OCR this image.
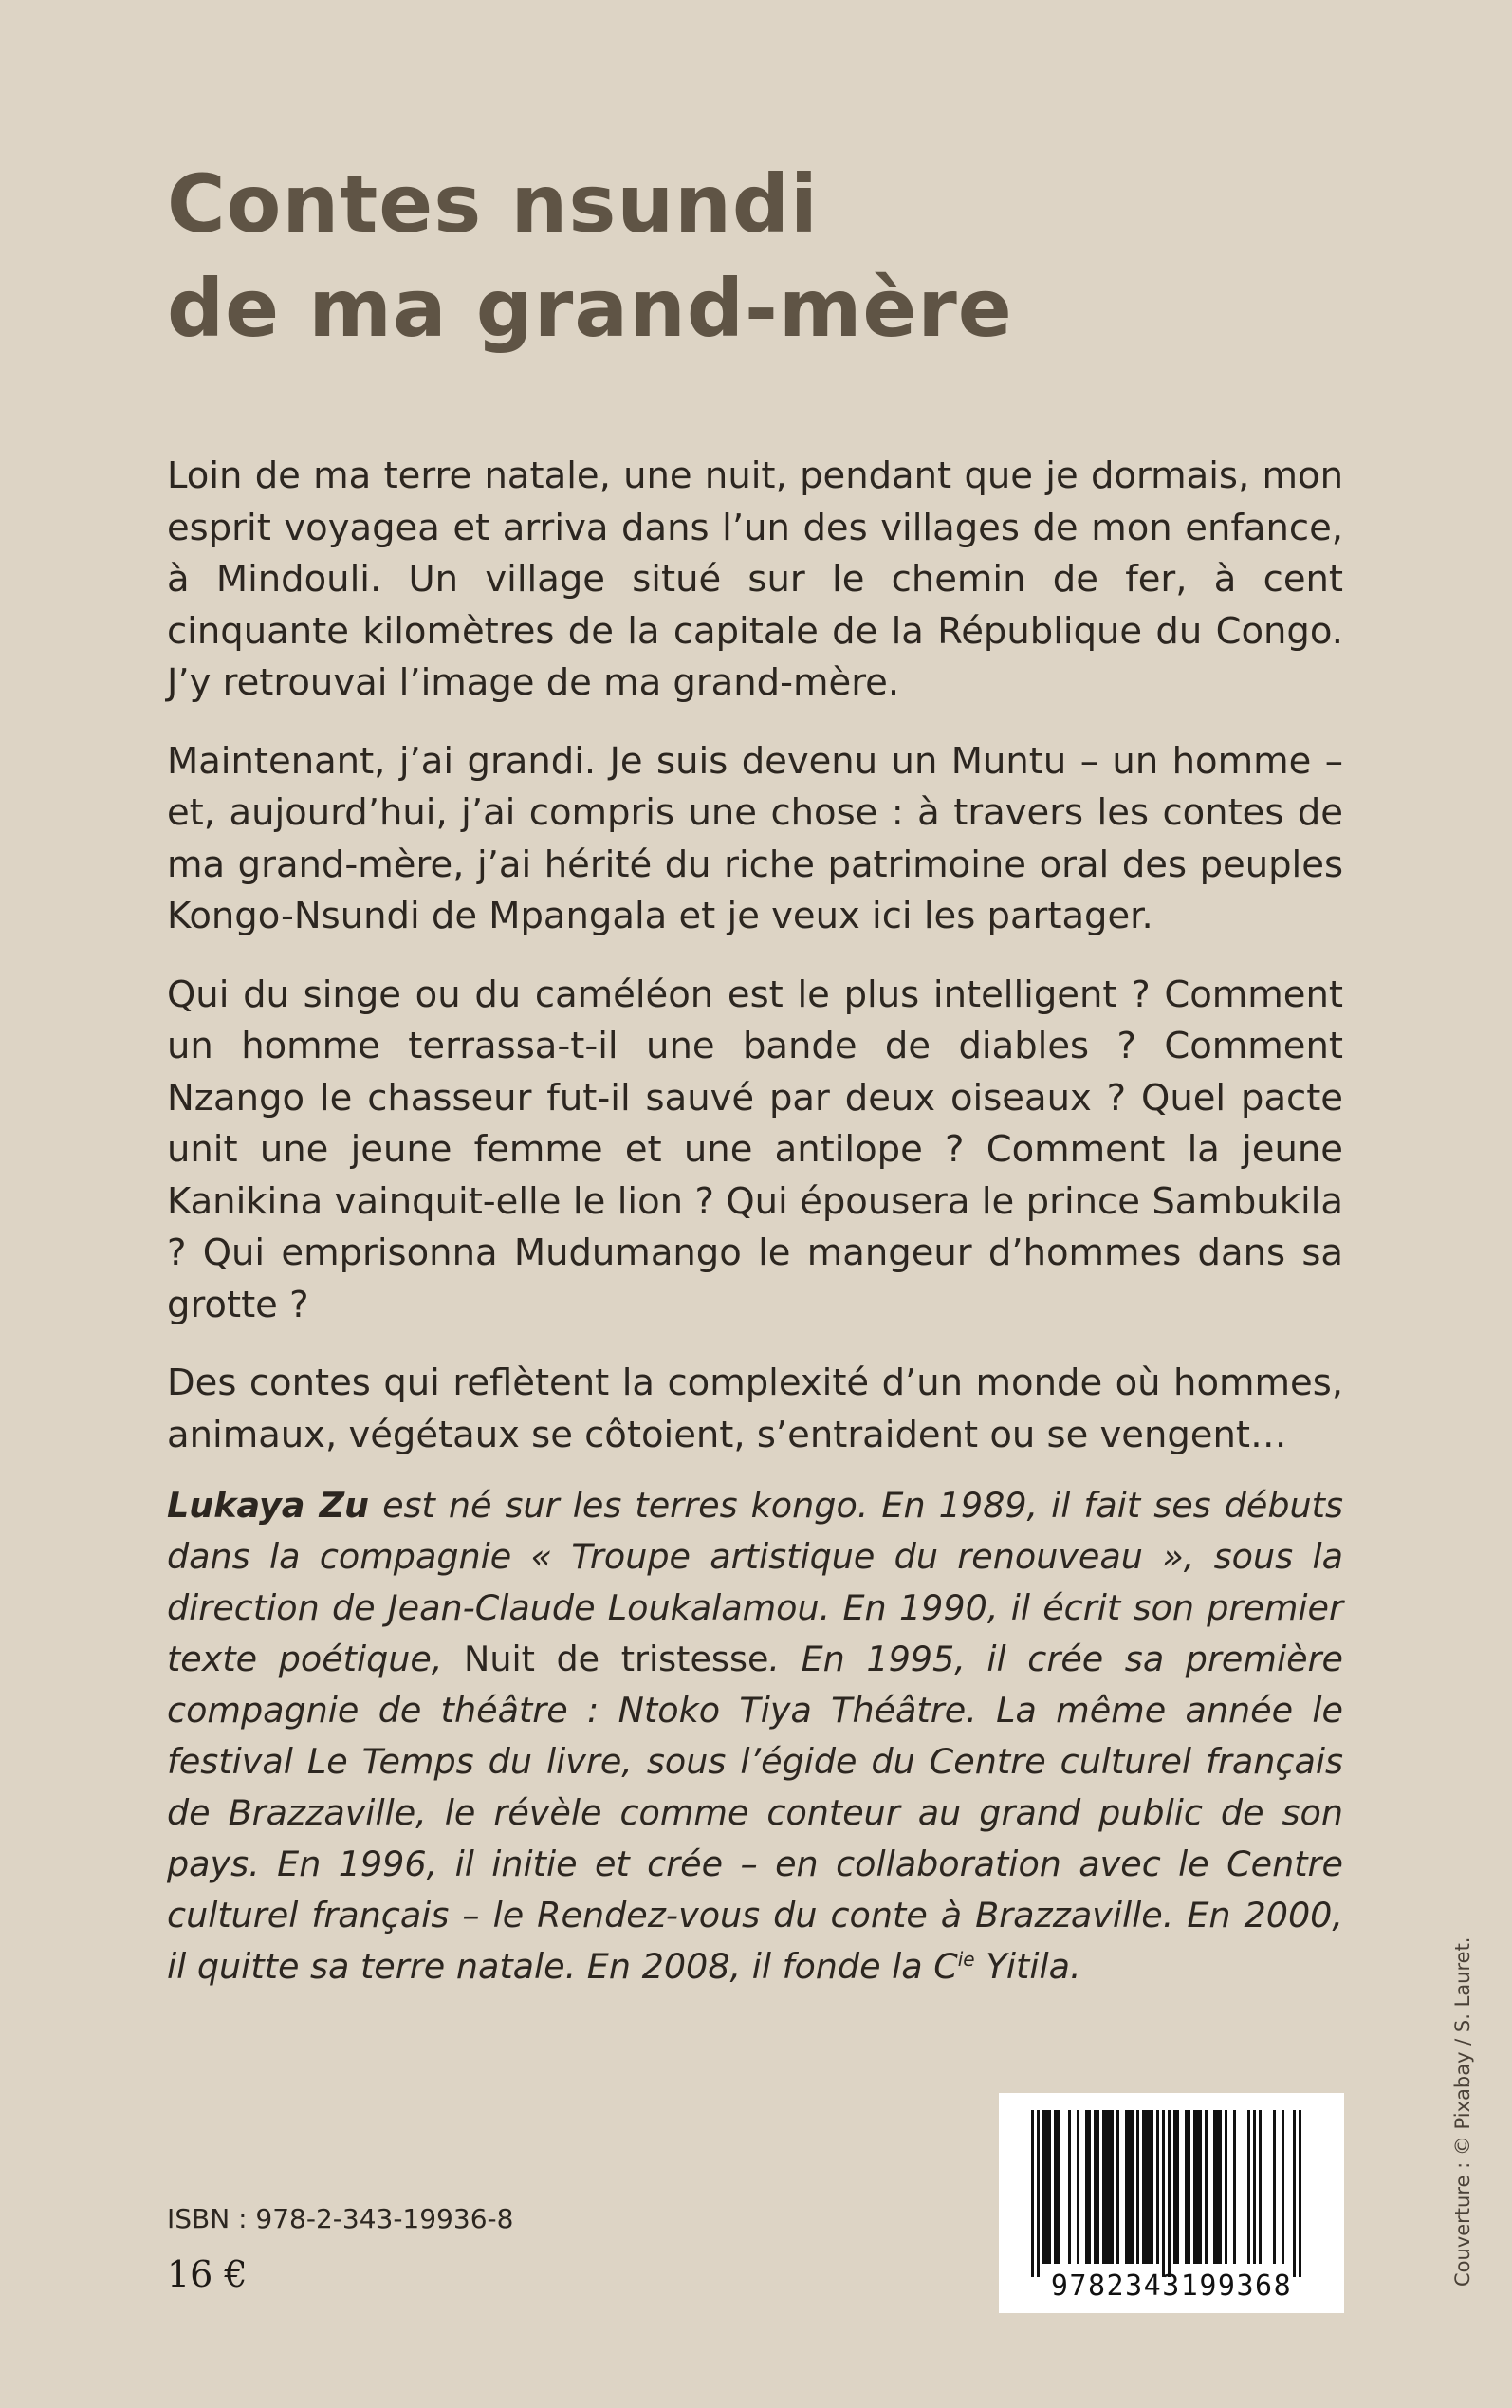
Contes nsundi
de ma grand-mère

Loin de ma terre natale, une nuit, pendant que je dormais, mon esprit voyagea et arriva dans l’un des villages de mon enfance, à Mindouli. Un village situé sur le chemin de fer, à cent cinquante kilomètres de la capitale de la République du Congo. J’y retrouvai l’image de ma grand-mère.

Maintenant, j’ai grandi. Je suis devenu un Muntu – un homme – et, aujourd’hui, j’ai compris une chose : à travers les contes de ma grand-mère, j’ai hérité du riche patrimoine oral des peuples Kongo-Nsundi de Mpangala et je veux ici les partager.

Qui du singe ou du caméléon est le plus intelligent ? Comment un homme terrassa-t-il une bande de diables ? Comment Nzango le chasseur fut-il sauvé par deux oiseaux ? Quel pacte unit une jeune femme et une antilope ? Comment la jeune Kanikina vainquit-elle le lion ? Qui épousera le prince Sambukila ? Qui emprisonna Mudumango le mangeur d’hommes dans sa grotte ?

Des contes qui reflètent la complexité d’un monde où hommes, animaux, végétaux se côtoient, s’entraident ou se vengent…

Lukaya Zu est né sur les terres kongo. En 1989, il fait ses débuts dans la compagnie « Troupe artistique du renouveau », sous la direction de Jean-Claude Loukalamou. En 1990, il écrit son premier texte poétique, Nuit de tristesse. En 1995, il crée sa première compagnie de théâtre : Ntoko Tiya Théâtre. La même année le festival Le Temps du livre, sous l’égide du Centre culturel français de Brazzaville, le révèle comme conteur au grand public de son pays. En 1996, il initie et crée – en collaboration avec le Centre culturel français – le Rendez-vous du conte à Brazzaville. En 2000, il quitte sa terre natale. En 2008, il fonde la $C^{ie}$ Yitila.

ISBN : 978-2-343-19936-8
16 €	9782343199368	Couverture : © Pixabay / S. Lauret.
